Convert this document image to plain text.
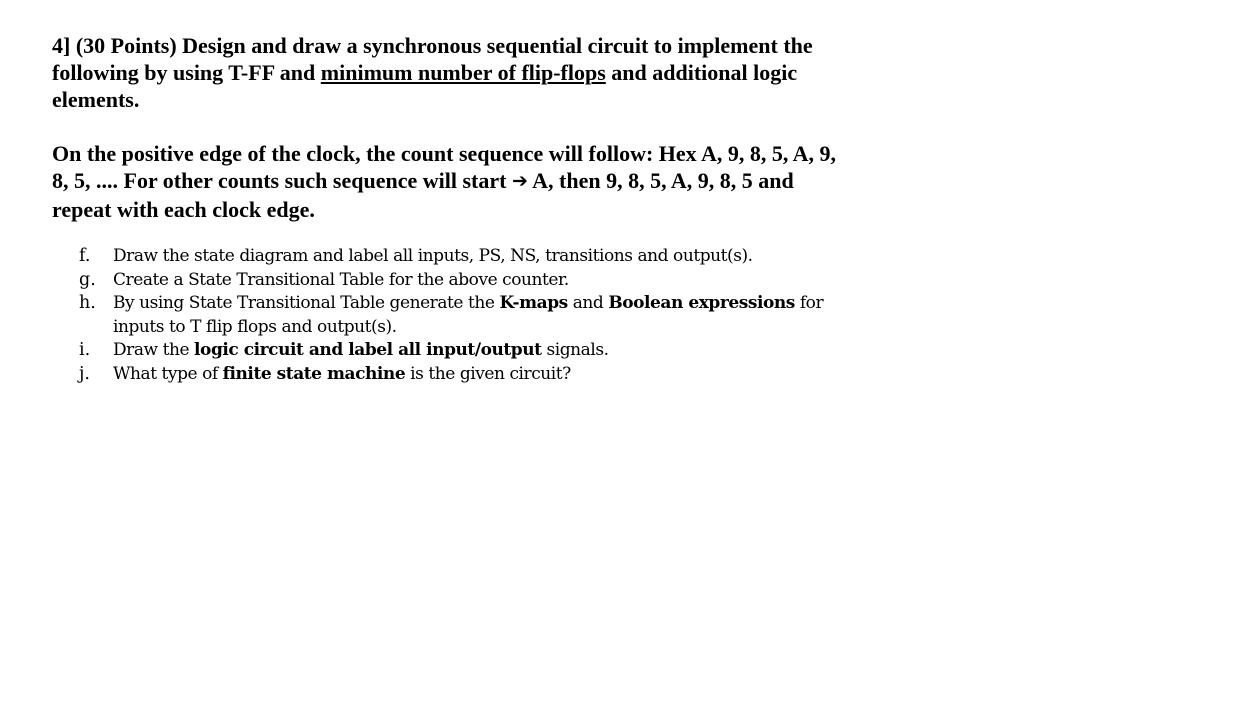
4] (30 Points) Design and draw a synchronous sequential circuit to implement the following by using T-FF and minimum number of flip-flops and additional logic elements.

On the positive edge of the clock, the count sequence will follow: Hex A, 9, 8, 5, A, 9, 8, 5, .... For other counts such sequence will start ➔ A, then 9, 8, 5, A, 9, 8, 5 and repeat with each clock edge.

f.	Draw the state diagram and label all inputs, PS, NS, transitions and output(s).
g.	Create a State Transitional Table for the above counter.
h.	By using State Transitional Table generate the K-maps and Boolean expressions for inputs to T flip flops and output(s).
i.	Draw the logic circuit and label all input/output signals.
j.	What type of finite state machine is the given circuit?
